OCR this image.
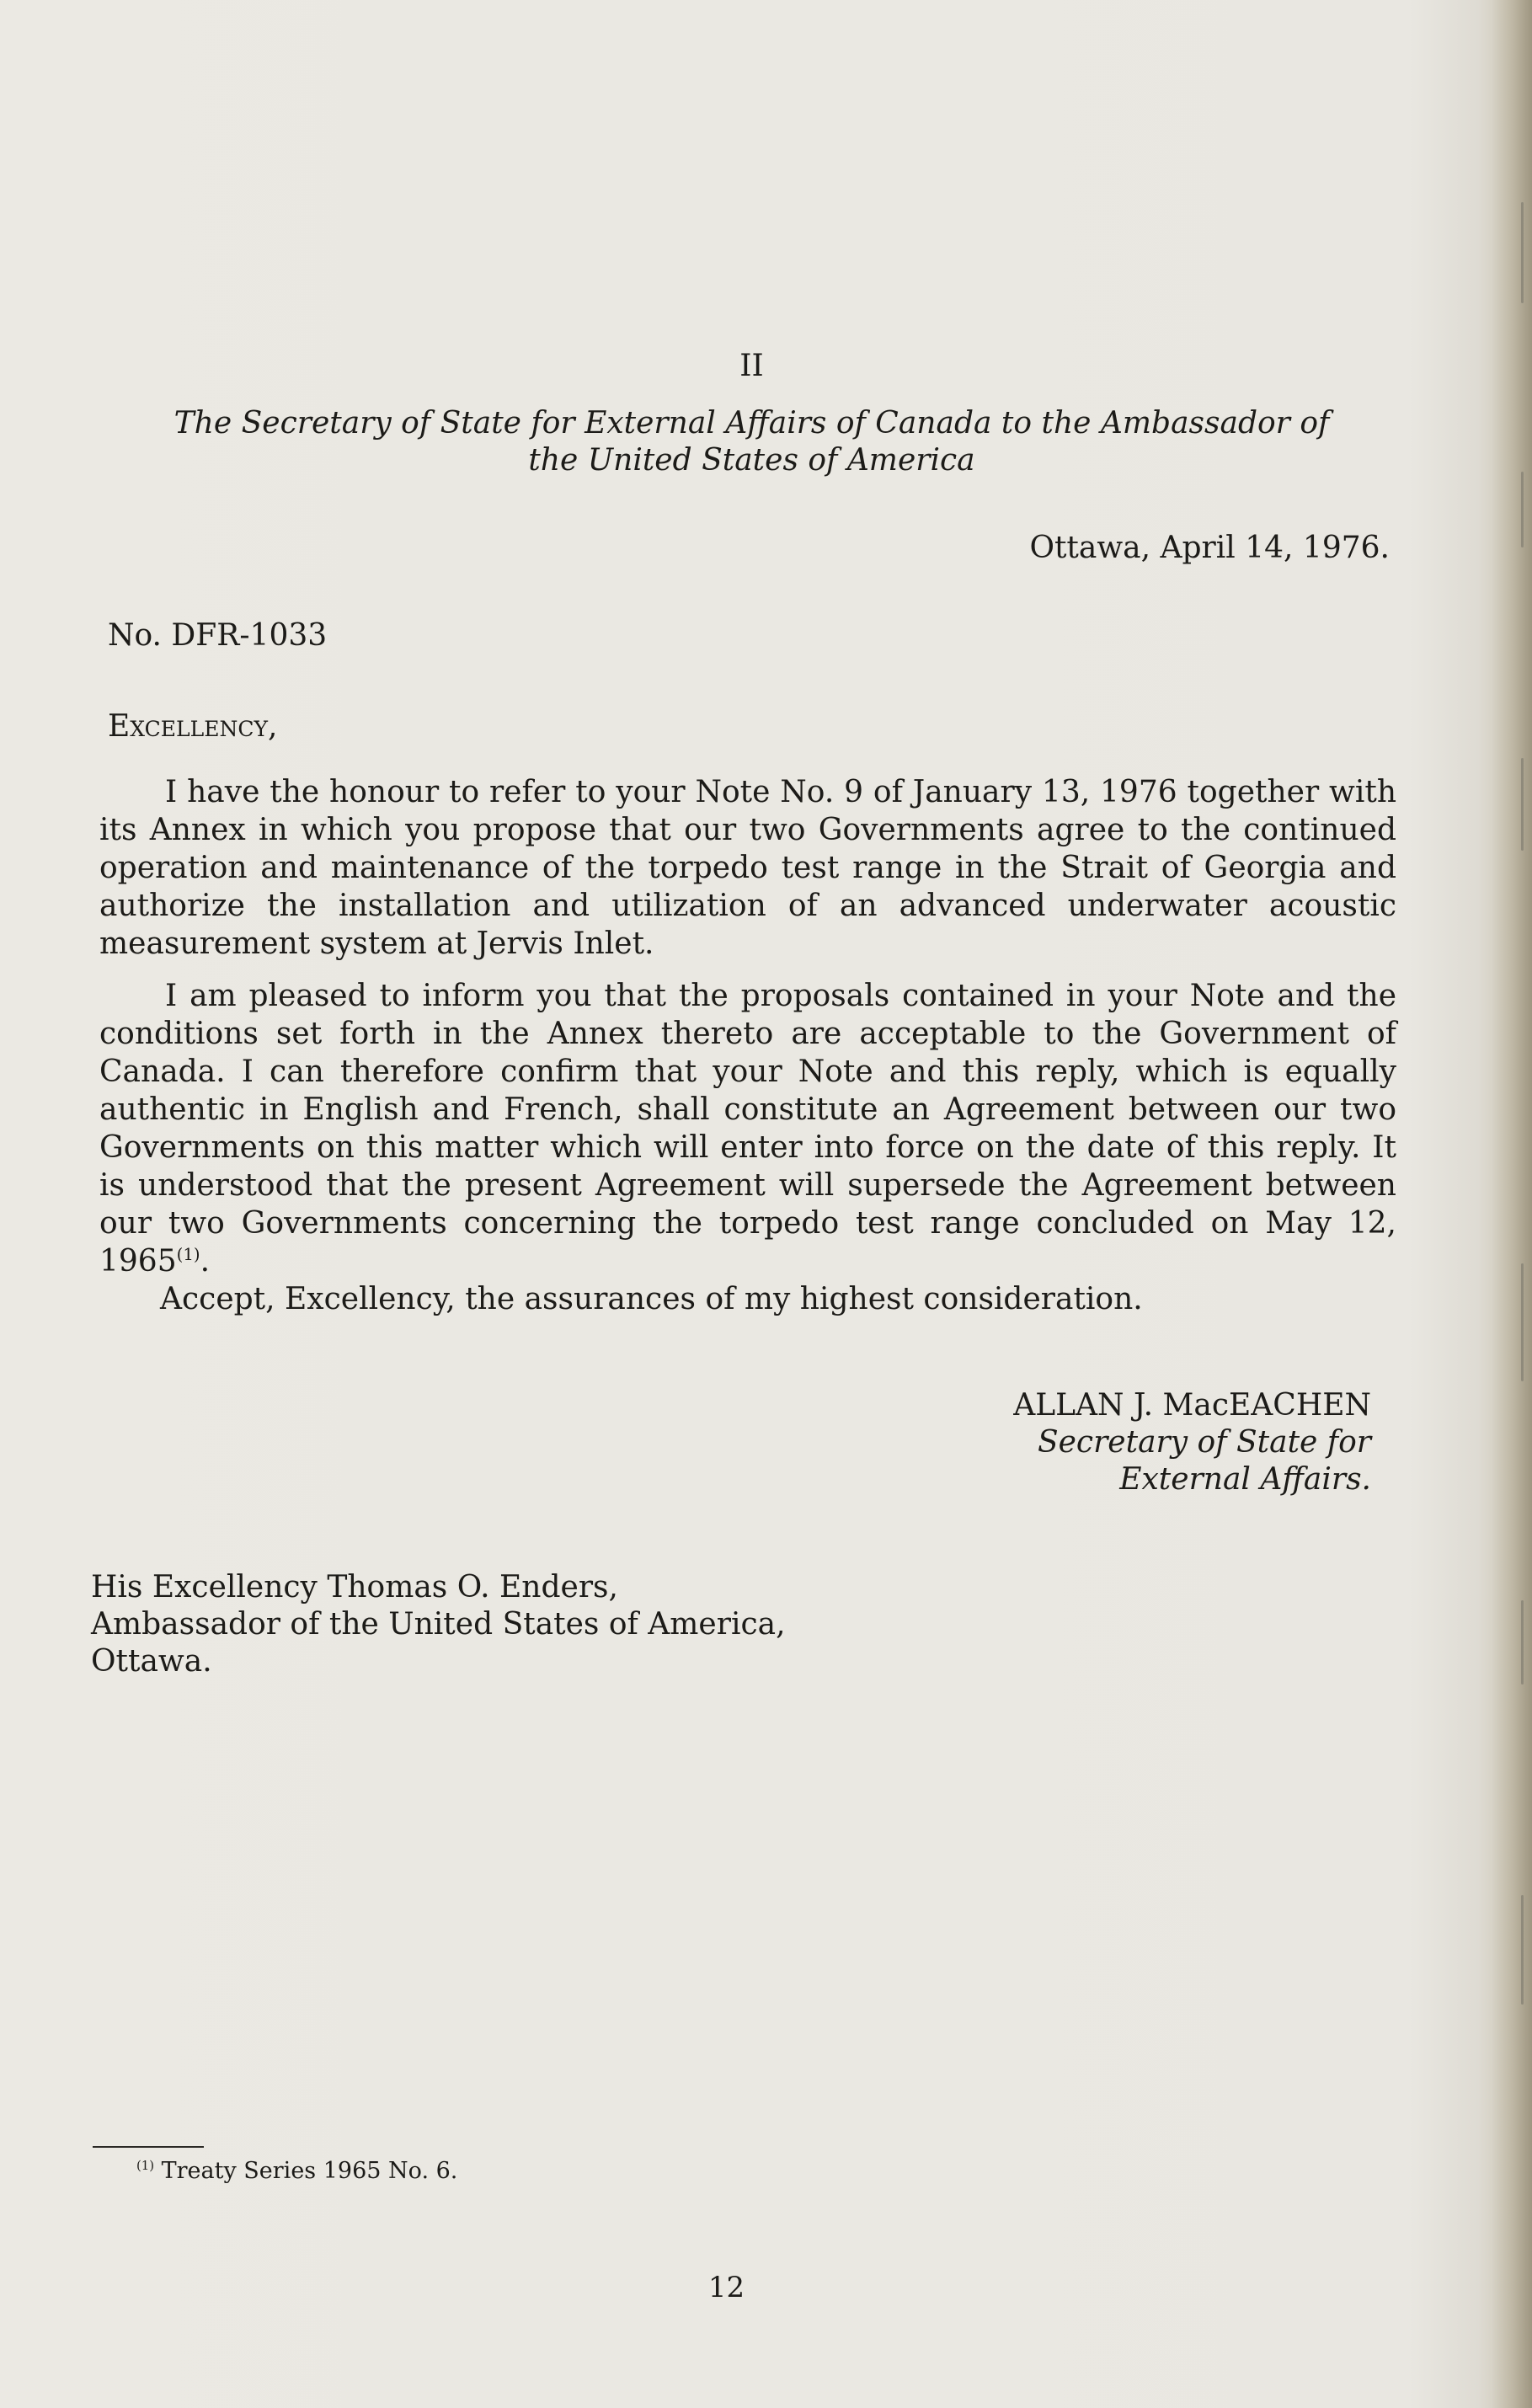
II
The Secretary of State for External Affairs of Canada to the Ambassador of
the United States of America
Ottawa, April 14, 1976.
No. DFR-1033
Excellency,
I have the honour to refer to your Note No. 9 of January 13, 1976 together with its Annex in which you propose that our two Governments agree to the continued operation and maintenance of the torpedo test range in the Strait of Georgia and authorize the installation and utilization of an advanced underwater acoustic measurement system at Jervis Inlet.
I am pleased to inform you that the proposals contained in your Note and the conditions set forth in the Annex thereto are acceptable to the Government of Canada. I can therefore confirm that your Note and this reply, which is equally authentic in English and French, shall constitute an Agreement between our two Governments on this matter which will enter into force on the date of this reply. It is understood that the present Agreement will supersede the Agreement between our two Governments concerning the torpedo test range concluded on May 12, 1965$^{(1)}$.
Accept, Excellency, the assurances of my highest consideration.
ALLAN J. MacEACHEN
Secretary of State for
External Affairs.
His Excellency Thomas O. Enders,
Ambassador of the United States of America,
Ottawa.
$^{(1)}$ Treaty Series 1965 No. 6.
12
